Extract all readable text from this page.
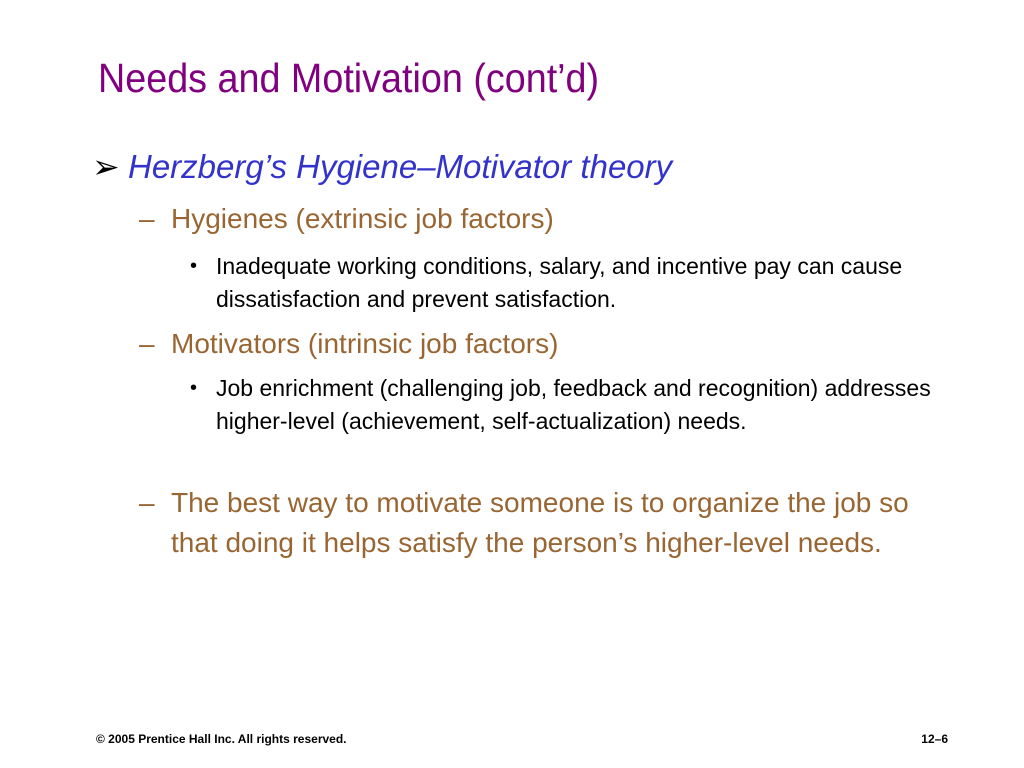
Needs and Motivation (cont’d)
➢ Herzberg’s Hygiene–Motivator theory
– Hygienes (extrinsic job factors)
• Inadequate working conditions, salary, and incentive pay can cause dissatisfaction and prevent satisfaction.
– Motivators (intrinsic job factors)
• Job enrichment (challenging job, feedback and recognition) addresses higher-level (achievement, self-actualization) needs.
– The best way to motivate someone is to organize the job so that doing it helps satisfy the person’s higher-level needs.
© 2005 Prentice Hall Inc. All rights reserved.	12–6
